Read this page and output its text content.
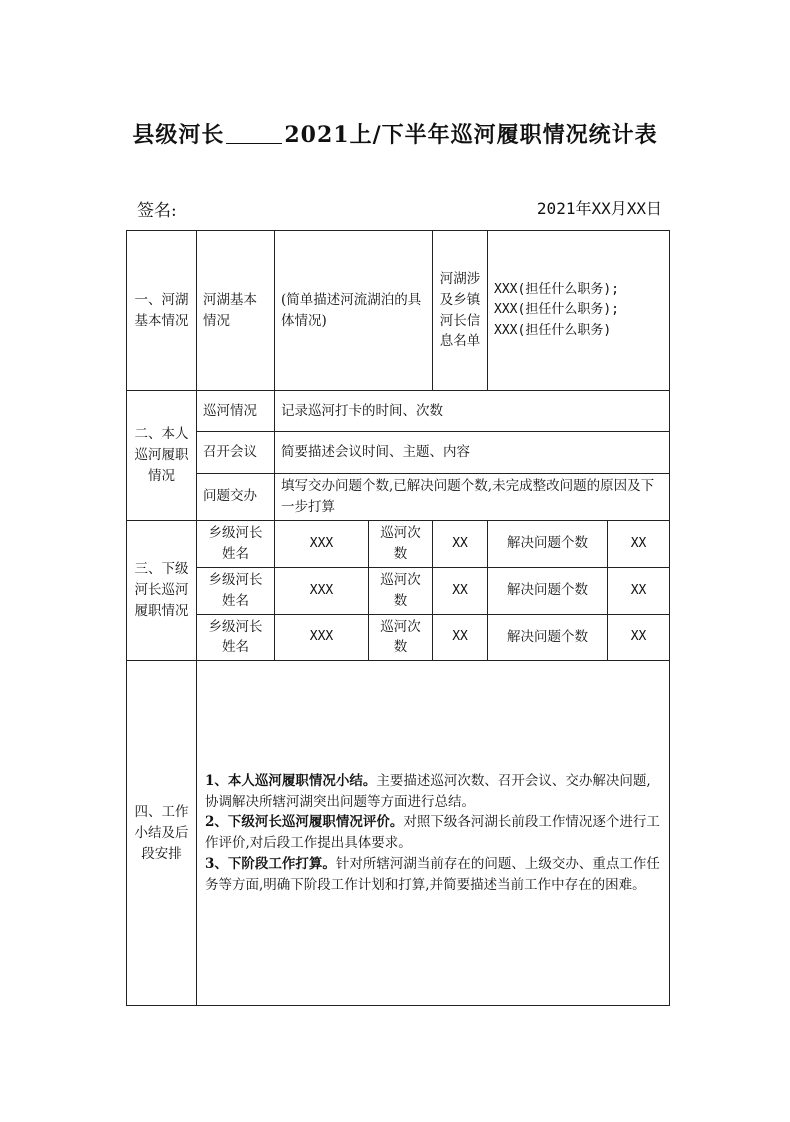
县级河长	2021上/下半年巡河履职情况统计表
签名:	2021年XX月XX日
一、河湖基本情况	河湖基本情况	(简单描述河流湖泊的具体情况)		河湖涉及乡镇河长信息名单	XXX(担任什么职务);
XXX(担任什么职务);
XXX(担任什么职务)	

二、本人巡河履职情况	巡河情况	记录巡河打卡的时间、次数				
	召开会议	简要描述会议时间、主题、内容				
	问题交办	填写交办问题个数,已解决问题个数,未完成整改问题的原因及下一步打算				
三、下级河长巡河履职情况	乡级河长姓名	XXX	巡河次数	XX	解决问题个数	XX
	乡级河长姓名	XXX	巡河次数	XX	解决问题个数	XX
	乡级河长姓名	XXX	巡河次数	XX	解决问题个数	XX
四、工作小结及后段安排	1、本人巡河履职情况小结。主要描述巡河次数、召开会议、交办解决问题,协调解决所辖河湖突出问题等方面进行总结。

2、下级河长巡河履职情况评价。对照下级各河湖长前段工作情况逐个进行工作评价,对后段工作提出具体要求。

3、下阶段工作打算。针对所辖河湖当前存在的问题、上级交办、重点工作任务等方面,明确下阶段工作计划和打算,并简要描述当前工作中存在的困难。					
